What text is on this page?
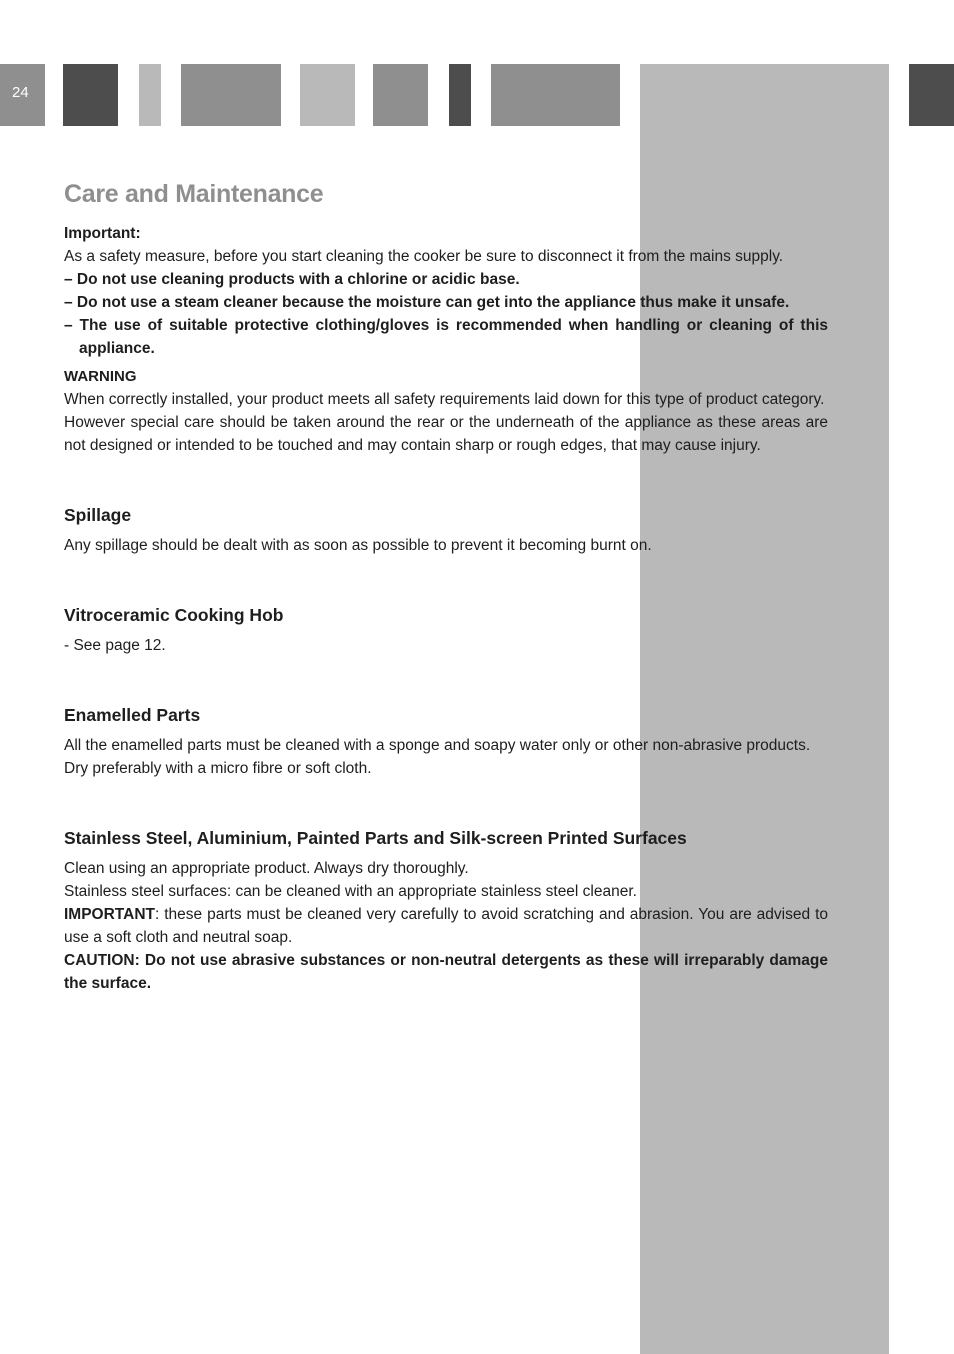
24
Care and Maintenance

Important:

As a safety measure, before you start cleaning the cooker be sure to disconnect it from the mains supply.

– Do not use cleaning products with a chlorine or acidic base.

– Do not use a steam cleaner because the moisture can get into the appliance thus make it unsafe.

– The use of suitable protective clothing/gloves is recommended when handling or cleaning of this appliance.

WARNING

When correctly installed, your product meets all safety requirements laid down for this type of product category.

However special care should be taken around the rear or the underneath of the appliance as these areas are not designed or intended to be touched and may contain sharp or rough edges, that may cause injury.

Spillage

Any spillage should be dealt with as soon as possible to prevent it becoming burnt on.

Vitroceramic Cooking Hob

- See page 12.

Enamelled Parts

All the enamelled parts must be cleaned with a sponge and soapy water only or other non-abrasive products.

Dry preferably with a micro fibre or soft cloth.

Stainless Steel, Aluminium, Painted Parts and Silk-screen Printed Surfaces

Clean using an appropriate product. Always dry thoroughly.

Stainless steel surfaces: can be cleaned with an appropriate stainless steel cleaner.

IMPORTANT: these parts must be cleaned very carefully to avoid scratching and abrasion. You are advised to use a soft cloth and neutral soap.

CAUTION: Do not use abrasive substances or non-neutral detergents as these will irreparably damage the surface.
